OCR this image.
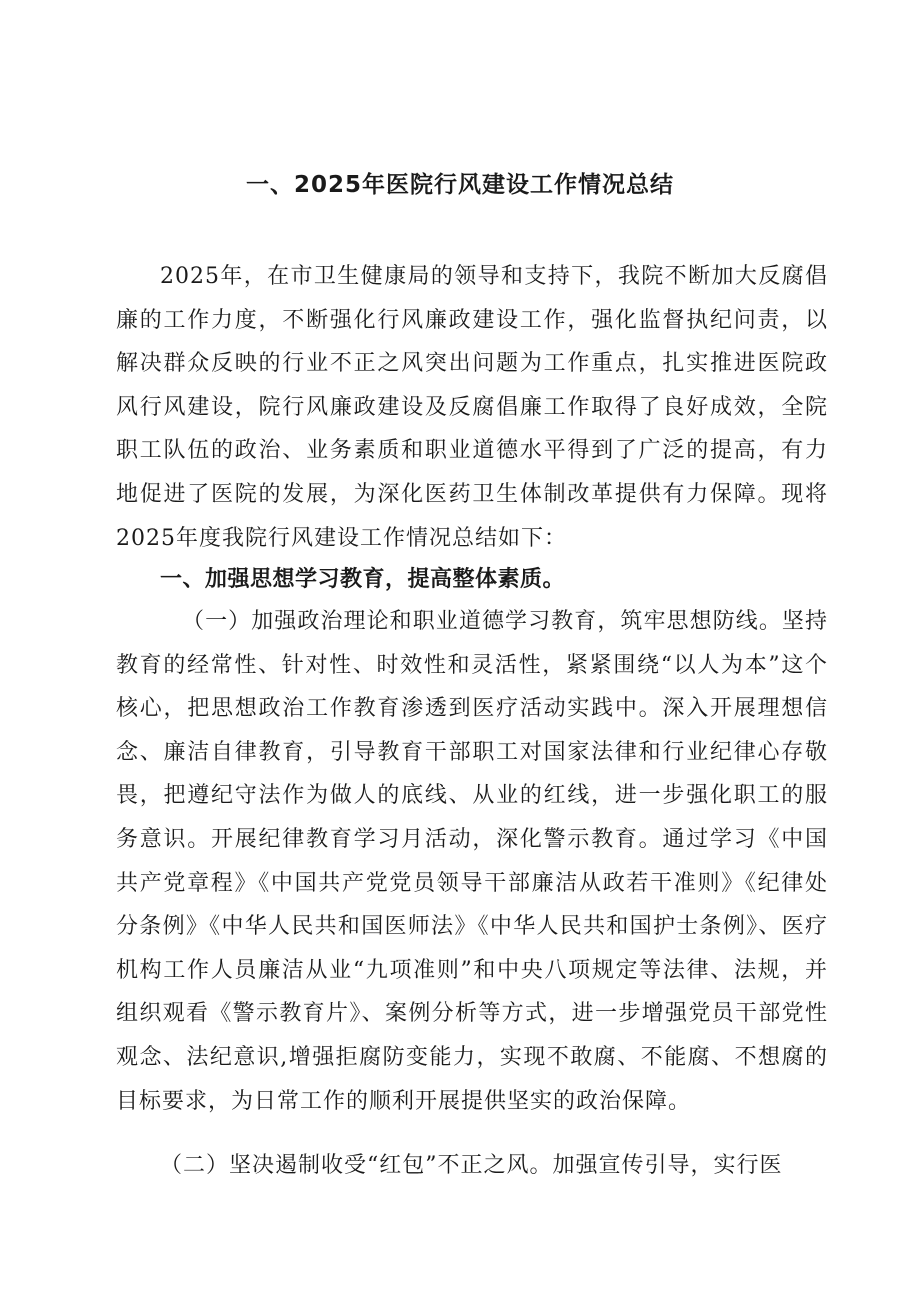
一、2025年医院行风建设工作情况总结

2025年，在市卫生健康局的领导和支持下，我院不断加大反腐倡廉的工作力度，不断强化行风廉政建设工作，强化监督执纪问责，以解决群众反映的行业不正之风突出问题为工作重点，扎实推进医院政风行风建设，院行风廉政建设及反腐倡廉工作取得了良好成效，全院职工队伍的政治、业务素质和职业道德水平得到了广泛的提高，有力地促进了医院的发展，为深化医药卫生体制改革提供有力保障。现将2025年度我院行风建设工作情况总结如下：

一、加强思想学习教育，提高整体素质。

（一）加强政治理论和职业道德学习教育，筑牢思想防线。坚持教育的经常性、针对性、时效性和灵活性，紧紧围绕“以人为本”这个核心，把思想政治工作教育渗透到医疗活动实践中。深入开展理想信念、廉洁自律教育，引导教育干部职工对国家法律和行业纪律心存敬畏，把遵纪守法作为做人的底线、从业的红线，进一步强化职工的服务意识。开展纪律教育学习月活动，深化警示教育。通过学习《中国共产党章程》《中国共产党党员领导干部廉洁从政若干准则》《纪律处分条例》《中华人民共和国医师法》《中华人民共和国护士条例》、医疗机构工作人员廉洁从业“九项准则”和中央八项规定等法律、法规，并组织观看《警示教育片》、案例分析等方式，进一步增强党员干部党性观念、法纪意识,增强拒腐防变能力，实现不敢腐、不能腐、不想腐的目标要求，为日常工作的顺利开展提供坚实的政治保障。

（二）坚决遏制收受“红包”不正之风。加强宣传引导，实行医
